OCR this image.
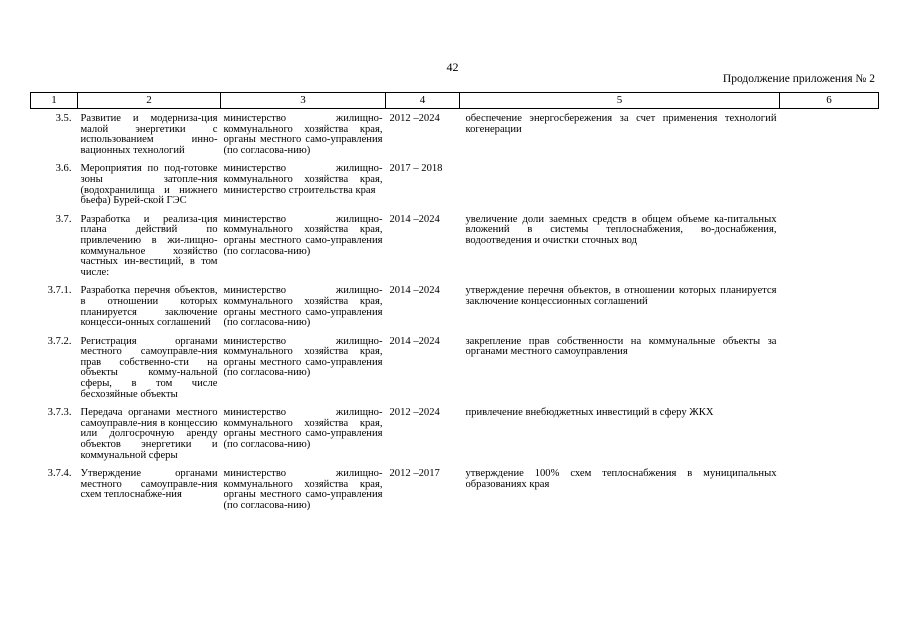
42
Продолжение приложения № 2
1	2	3	4	5	6

3.5.	Развитие и модерниза-ция малой энергетики с использованием инно-вационных технологий	министерство жилищно-коммунального хозяйства края, органы местного само-управления (по согласова-нию)	2012 –2024	обеспечение энергосбережения за счет применения технологий когенерации	

3.6.	Мероприятия по под-готовке зоны затопле-ния (водохранилища и нижнего бьефа) Бурей-ской ГЭС	министерство жилищно-коммунального хозяйства края, министерство строительства края	2017 – 2018		

3.7.	Разработка и реализа-ция плана действий по привлечению в жи-лищно-коммунальное хозяйство частных ин-вестиций, в том числе:	министерство жилищно-коммунального хозяйства края, органы местного само-управления (по согласова-нию)	2014 –2024	увеличение доли заемных средств в общем объеме ка-питальных вложений в системы теплоснабжения, во-доснабжения, водоотведения и очистки сточных вод	

3.7.1.	Разработка перечня объектов, в отношении которых планируется заключение концесси-онных соглашений	министерство жилищно-коммунального хозяйства края, органы местного само-управления (по согласова-нию)	2014 –2024	утверждение перечня объектов, в отношении которых планируется заключение концессионных соглашений	

3.7.2.	Регистрация органами местного самоуправле-ния прав собственно-сти на объекты комму-нальной сферы, в том числе бесхозяйные объекты	министерство жилищно-коммунального хозяйства края, органы местного само-управления (по согласова-нию)	2014 –2024	закрепление прав собственности на коммунальные объекты за органами местного самоуправления	

3.7.3.	Передача органами местного самоуправле-ния в концессию или долгосрочную аренду объектов энергетики и коммунальной сферы	министерство жилищно-коммунального хозяйства края, органы местного само-управления (по согласова-нию)	2012 –2024	привлечение внебюджетных инвестиций в сферу ЖКХ	

3.7.4.	Утверждение органами местного самоуправле-ния схем теплоснабже-ния	министерство жилищно-коммунального хозяйства края, органы местного само-управления (по согласова-нию)	2012 –2017	утверждение 100% схем теплоснабжения в муниципальных образованиях края	
